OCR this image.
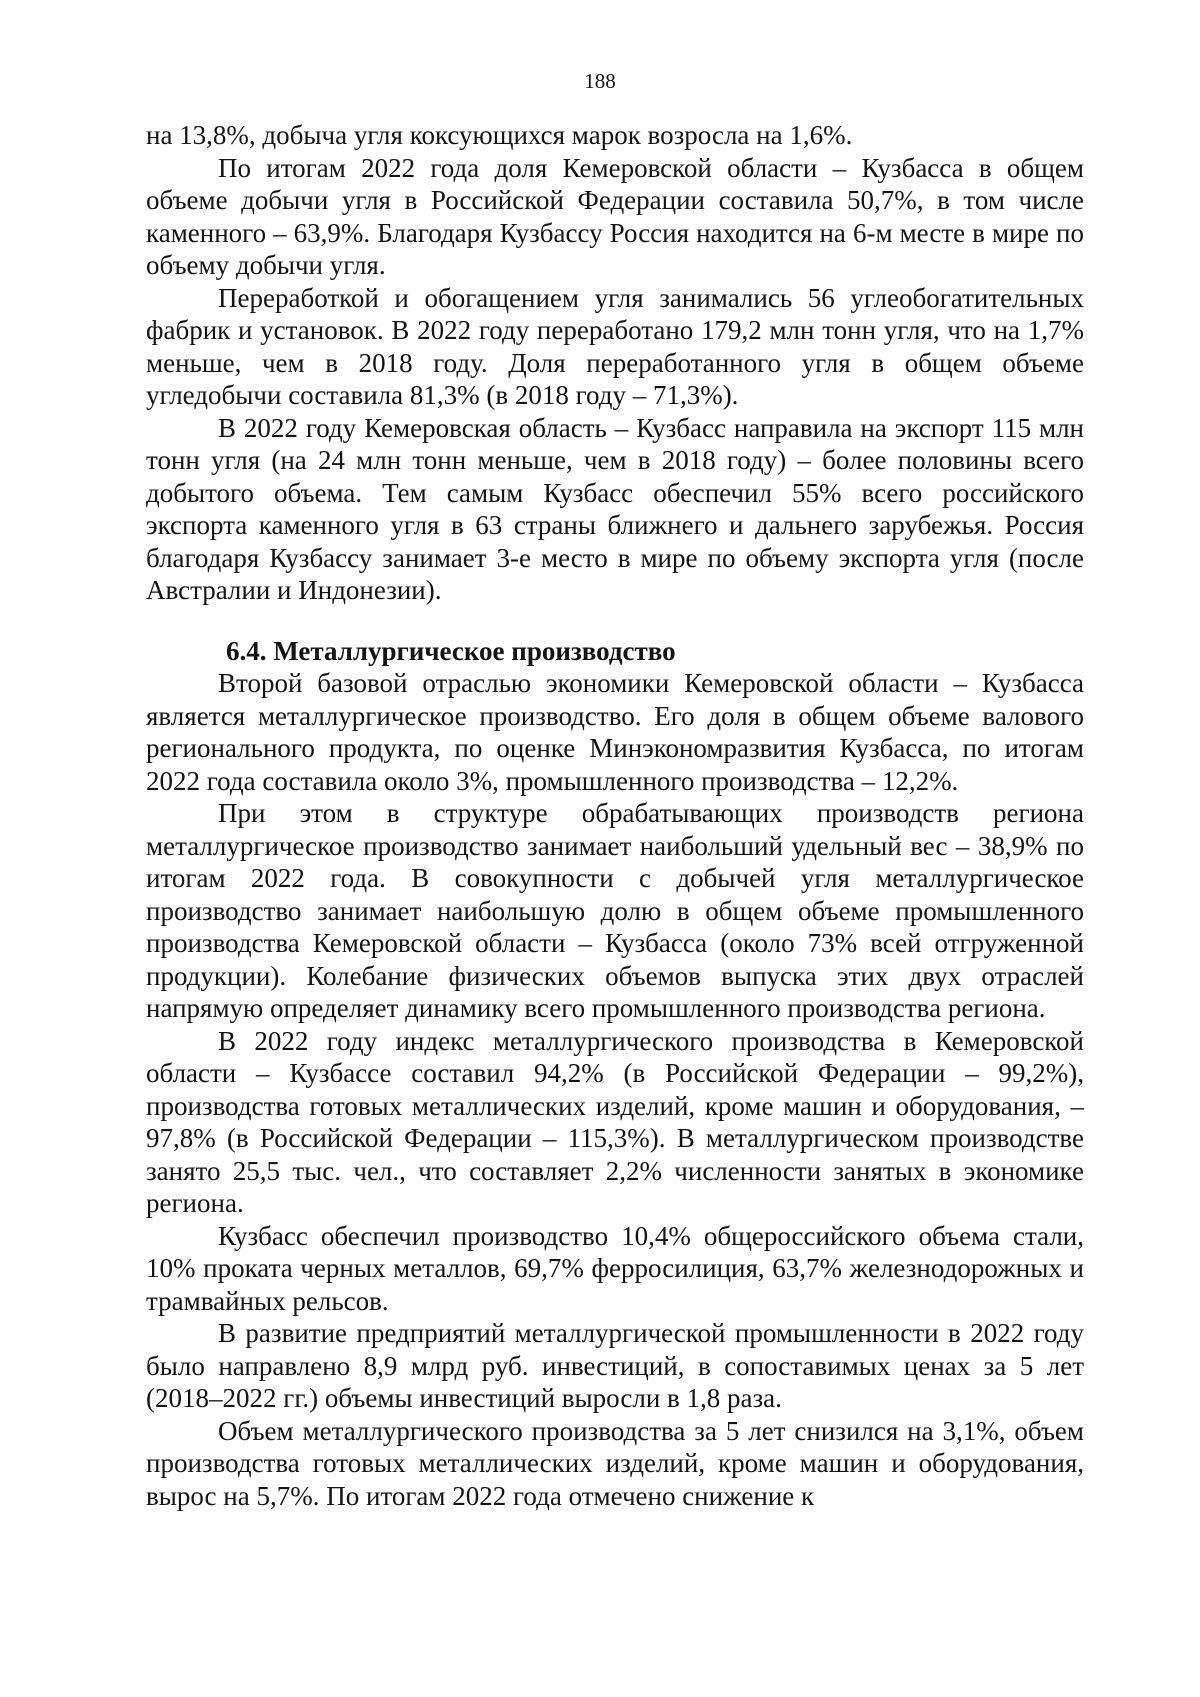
188

на 13,8%, добыча угля коксующихся марок возросла на 1,6%.

По итогам 2022 года доля Кемеровской области – Кузбасса в общем объеме добычи угля в Российской Федерации составила 50,7%, в том числе каменного – 63,9%. Благодаря Кузбассу Россия находится на 6-м месте в мире по объему добычи угля.

Переработкой и обогащением угля занимались 56 углеобогатительных фабрик и установок. В 2022 году переработано 179,2 млн тонн угля, что на 1,7% меньше, чем в 2018 году. Доля переработанного угля в общем объеме угледобычи составила 81,3% (в 2018 году – 71,3%).

В 2022 году Кемеровская область – Кузбасс направила на экспорт 115 млн тонн угля (на 24 млн тонн меньше, чем в 2018 году) – более половины всего добытого объема. Тем самым Кузбасс обеспечил 55% всего российского экспорта каменного угля в 63 страны ближнего и дальнего зарубежья. Россия благодаря Кузбассу занимает 3-е место в мире по объему экспорта угля (после Австралии и Индонезии).

6.4. Металлургическое производство

Второй базовой отраслью экономики Кемеровской области – Кузбасса является металлургическое производство. Его доля в общем объеме валового регионального продукта, по оценке Минэкономразвития Кузбасса, по итогам 2022 года составила около 3%, промышленного производства – 12,2%.

При этом в структуре обрабатывающих производств региона металлургическое производство занимает наибольший удельный вес – 38,9% по итогам 2022 года. В совокупности с добычей угля металлургическое производство занимает наибольшую долю в общем объеме промышленного производства Кемеровской области – Кузбасса (около 73% всей отгруженной продукции). Колебание физических объемов выпуска этих двух отраслей напрямую определяет динамику всего промышленного производства региона.

В 2022 году индекс металлургического производства в Кемеровской области – Кузбассе составил 94,2% (в Российской Федерации – 99,2%), производства готовых металлических изделий, кроме машин и оборудования, – 97,8% (в Российской Федерации – 115,3%). В металлургическом производстве занято 25,5 тыс. чел., что составляет 2,2% численности занятых в экономике региона.

Кузбасс обеспечил производство 10,4% общероссийского объема стали, 10% проката черных металлов, 69,7% ферросилиция, 63,7% железнодорожных и трамвайных рельсов.

В развитие предприятий металлургической промышленности в 2022 году было направлено 8,9 млрд руб. инвестиций, в сопоставимых ценах за 5 лет (2018–2022 гг.) объемы инвестиций выросли в 1,8 раза.

Объем металлургического производства за 5 лет снизился на 3,1%, объем производства готовых металлических изделий, кроме машин и оборудования, вырос на 5,7%. По итогам 2022 года отмечено снижение к
